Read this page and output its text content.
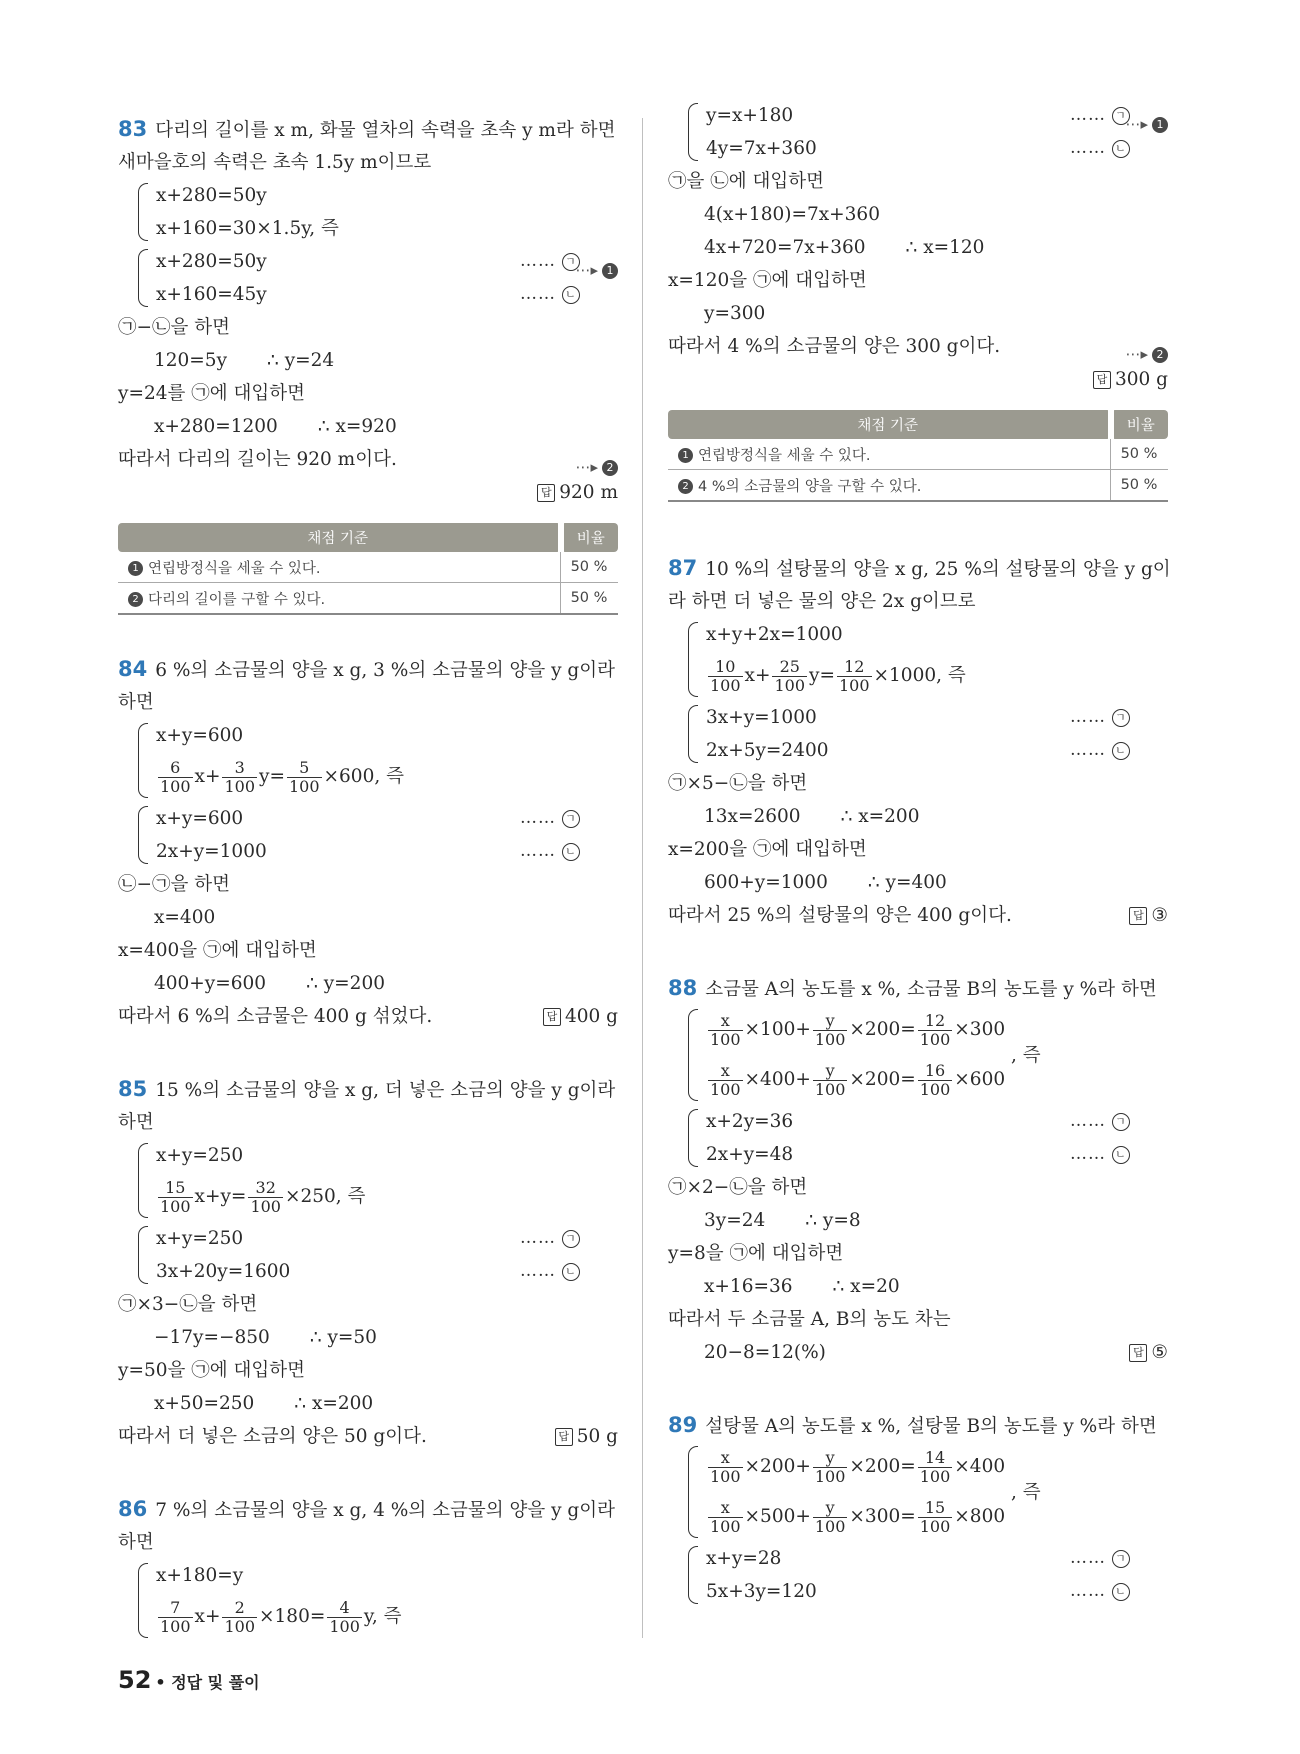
83 다리의 길이를 x m, 화물 열차의 속력을 초속 y m라 하면
새마을호의 속력은 초속 1.5y m이므로
x+280=50y
x+160=30×1.5y, 즉
x+280=50y	…… ㄱ
x+160=45y	…… ㄴ
⋯▸ 1
㉠−㉡을 하면
120=5y ∴ y=24
y=24를 ㉠에 대입하면
x+280=1200 ∴ x=920
따라서 다리의 길이는 920 m이다.	⋯▸ 2
답 920 m
채점 기준	비율
1 연립방정식을 세울 수 있다.	50 %
2 다리의 길이를 구할 수 있다.	50 %
84 6 %의 소금물의 양을 x g, 3 %의 소금물의 양을 y g이라
하면
x+y=600
$\frac{6}{100} x+ \frac{3}{100} y= \frac{5}{100} \times 600$, 즉
x+y=600	…… ㄱ
2x+y=1000	…… ㄴ
㉡−㉠을 하면
x=400
x=400을 ㉠에 대입하면
400+y=600 ∴ y=200
따라서 6 %의 소금물은 400 g 섞었다.	답 400 g
85 15 %의 소금물의 양을 x g, 더 넣은 소금의 양을 y g이라
하면
x+y=250
$\frac{15}{100} x+y= \frac{32}{100} \times 250$, 즉
x+y=250	…… ㄱ
3x+20y=1600	…… ㄴ
㉠×3−㉡을 하면
−17y=−850 ∴ y=50
y=50을 ㉠에 대입하면
x+50=250 ∴ x=200
따라서 더 넣은 소금의 양은 50 g이다.	답 50 g
86 7 %의 소금물의 양을 x g, 4 %의 소금물의 양을 y g이라
하면
x+180=y
$\frac{7}{100} x+ \frac{2}{100} \times 180= \frac{4}{100} y$, 즉
y=x+180	…… ㄱ
4y=7x+360	…… ㄴ
⋯▸ 1
㉠을 ㉡에 대입하면
4(x+180)=7x+360
4x+720=7x+360 ∴ x=120
x=120을 ㉠에 대입하면
y=300
따라서 4 %의 소금물의 양은 300 g이다.	⋯▸ 2
답 300 g
채점 기준	비율
1 연립방정식을 세울 수 있다.	50 %
2 4 %의 소금물의 양을 구할 수 있다.	50 %
87 10 %의 설탕물의 양을 x g, 25 %의 설탕물의 양을 y g이
라 하면 더 넣은 물의 양은 2x g이므로
x+y+2x=1000
$\frac{10}{100} x+ \frac{25}{100} y= \frac{12}{100} \times 1000$, 즉
3x+y=1000	…… ㄱ
2x+5y=2400	…… ㄴ
㉠×5−㉡을 하면
13x=2600 ∴ x=200
x=200을 ㉠에 대입하면
600+y=1000 ∴ y=400
따라서 25 %의 설탕물의 양은 400 g이다.	답 ③
88 소금물 A의 농도를 x %, 소금물 B의 농도를 y %라 하면
$\frac{x}{100} \times 100+ \frac{y}{100} \times 200= \frac{12}{100} \times 300$
$\frac{x}{100} \times 400+ \frac{y}{100} \times 200= \frac{16}{100} \times 600$ , 즉
x+2y=36	…… ㄱ
2x+y=48	…… ㄴ
㉠×2−㉡을 하면
3y=24 ∴ y=8
y=8을 ㉠에 대입하면
x+16=36 ∴ x=20
따라서 두 소금물 A, B의 농도 차는
20−8=12(%)	답 ⑤
89 설탕물 A의 농도를 x %, 설탕물 B의 농도를 y %라 하면
$\frac{x}{100} \times 200+ \frac{y}{100} \times 200= \frac{14}{100} \times 400$
$\frac{x}{100} \times 500+ \frac{y}{100} \times 300= \frac{15}{100} \times 800$ , 즉
x+y=28	…… ㄱ
5x+3y=120	…… ㄴ
52 • 정답 및 풀이
